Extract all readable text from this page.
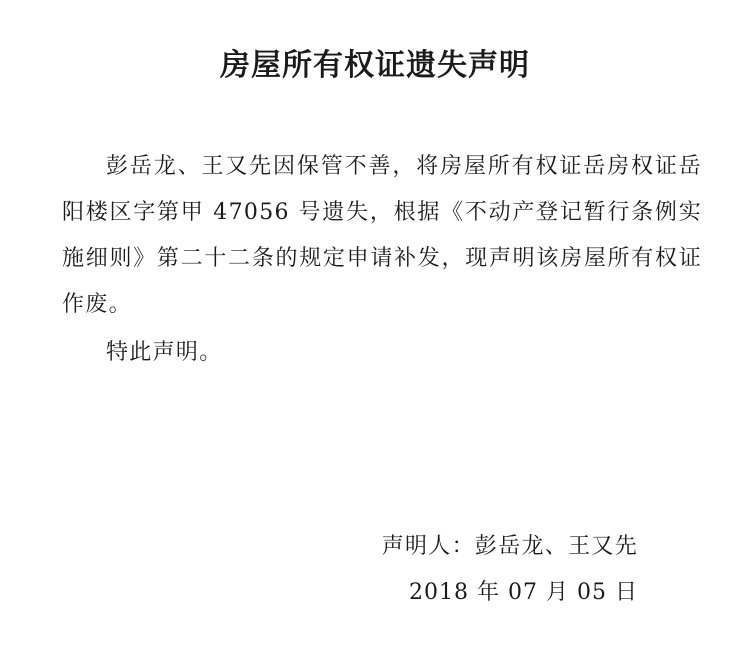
房屋所有权证遗失声明

彭岳龙、王又先因保管不善，将房屋所有权证岳房权证岳阳楼区字第甲 47056 号遗失，根据《不动产登记暂行条例实施细则》第二十二条的规定申请补发，现声明该房屋所有权证作废。

特此声明。

声明人：彭岳龙、王又先

2018 年 07 月 05 日
